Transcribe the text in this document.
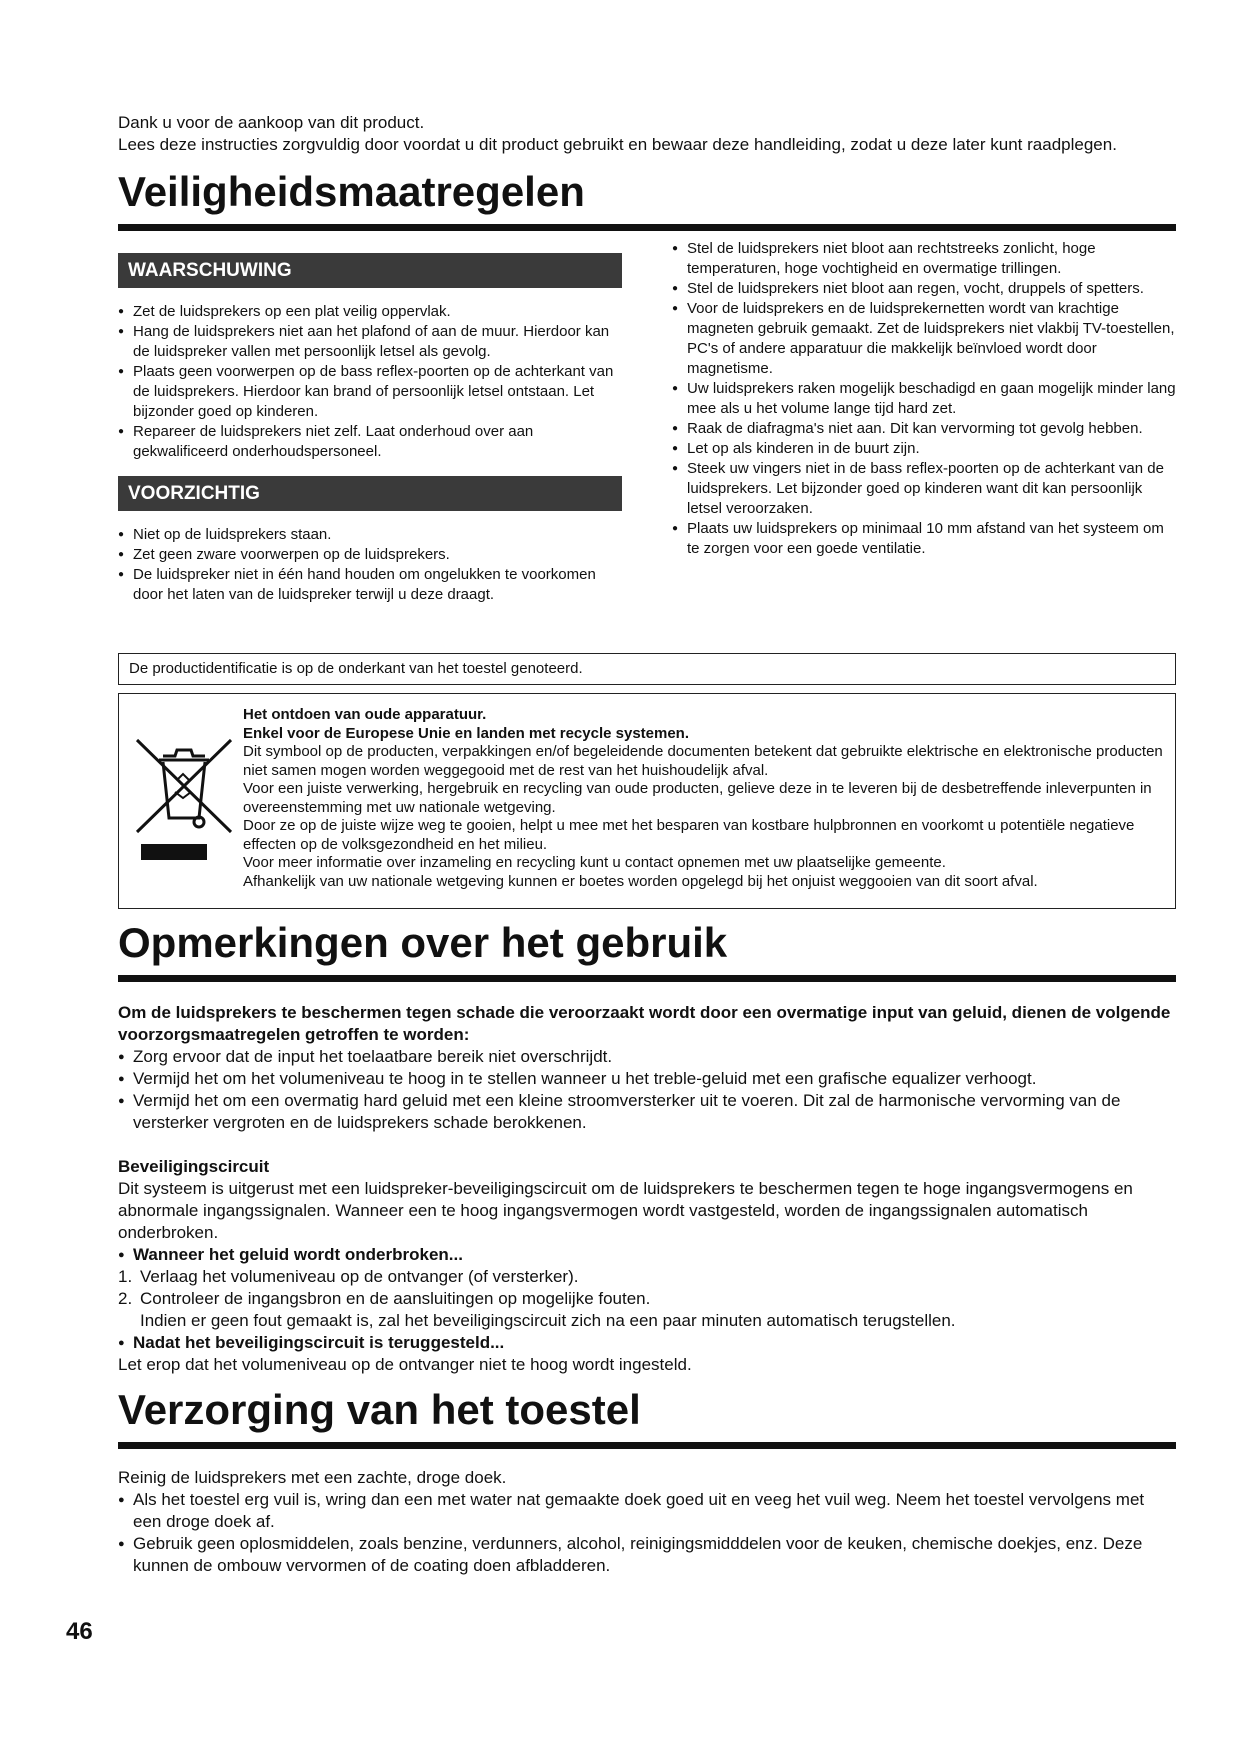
Dank u voor de aankoop van dit product.

Lees deze instructies zorgvuldig door voordat u dit product gebruikt en bewaar deze handleiding, zodat u deze later kunt raadplegen.

Veiligheidsmaatregelen
WAARSCHUWING
● Zet de luidsprekers op een plat veilig oppervlak.
● Hang de luidsprekers niet aan het plafond of aan de muur. Hierdoor kan de luidspreker vallen met persoonlijk letsel als gevolg.
● Plaats geen voorwerpen op de bass reflex-poorten op de achterkant van de luidsprekers. Hierdoor kan brand of persoonlijk letsel ontstaan. Let bijzonder goed op kinderen.
● Repareer de luidsprekers niet zelf. Laat onderhoud over aan gekwalificeerd onderhoudspersoneel.
VOORZICHTIG
● Niet op de luidsprekers staan.
● Zet geen zware voorwerpen op de luidsprekers.
● De luidspreker niet in één hand houden om ongelukken te voorkomen door het laten van de luidspreker terwijl u deze draagt.
● Stel de luidsprekers niet bloot aan rechtstreeks zonlicht, hoge temperaturen, hoge vochtigheid en overmatige trillingen.
● Stel de luidsprekers niet bloot aan regen, vocht, druppels of spetters.
● Voor de luidsprekers en de luidsprekernetten wordt van krachtige magneten gebruik gemaakt. Zet de luidsprekers niet vlakbij TV-toestellen, PC's of andere apparatuur die makkelijk beïnvloed wordt door magnetisme.
● Uw luidsprekers raken mogelijk beschadigd en gaan mogelijk minder lang mee als u het volume lange tijd hard zet.
● Raak de diafragma's niet aan. Dit kan vervorming tot gevolg hebben.
● Let op als kinderen in de buurt zijn.
● Steek uw vingers niet in de bass reflex-poorten op de achterkant van de luidsprekers. Let bijzonder goed op kinderen want dit kan persoonlijk letsel veroorzaken.
● Plaats uw luidsprekers op minimaal 10 mm afstand van het systeem om te zorgen voor een goede ventilatie.
De productidentificatie is op de onderkant van het toestel genoteerd.

Het ontdoen van oude apparatuur.

Enkel voor de Europese Unie en landen met recycle systemen.

Dit symbool op de producten, verpakkingen en/of begeleidende documenten betekent dat gebruikte elektrische en elektronische producten niet samen mogen worden weggegooid met de rest van het huishoudelijk afval.

Voor een juiste verwerking, hergebruik en recycling van oude producten, gelieve deze in te leveren bij de desbetreffende inleverpunten in overeenstemming met uw nationale wetgeving.

Door ze op de juiste wijze weg te gooien, helpt u mee met het besparen van kostbare hulpbronnen en voorkomt u potentiële negatieve effecten op de volksgezondheid en het milieu.

Voor meer informatie over inzameling en recycling kunt u contact opnemen met uw plaatselijke gemeente.

Afhankelijk van uw nationale wetgeving kunnen er boetes worden opgelegd bij het onjuist weggooien van dit soort afval.

Opmerkingen over het gebruik

Om de luidsprekers te beschermen tegen schade die veroorzaakt wordt door een overmatige input van geluid, dienen de volgende voorzorgsmaatregelen getroffen te worden:

● Zorg ervoor dat de input het toelaatbare bereik niet overschrijdt.
● Vermijd het om het volumeniveau te hoog in te stellen wanneer u het treble-geluid met een grafische equalizer verhoogt.
● Vermijd het om een overmatig hard geluid met een kleine stroomversterker uit te voeren. Dit zal de harmonische vervorming van de versterker vergroten en de luidsprekers schade berokkenen.

Beveiligingscircuit

Dit systeem is uitgerust met een luidspreker-beveiligingscircuit om de luidsprekers te beschermen tegen te hoge ingangsvermogens en abnormale ingangssignalen. Wanneer een te hoog ingangsvermogen wordt vastgesteld, worden de ingangssignalen automatisch onderbroken.

● Wanneer het geluid wordt onderbroken...

1. Verlaag het volumeniveau op de ontvanger (of versterker).
2. Controleer de ingangsbron en de aansluitingen op mogelijke fouten.

Indien er geen fout gemaakt is, zal het beveiligingscircuit zich na een paar minuten automatisch terugstellen.

● Nadat het beveiligingscircuit is teruggesteld...

Let erop dat het volumeniveau op de ontvanger niet te hoog wordt ingesteld.

Verzorging van het toestel

Reinig de luidsprekers met een zachte, droge doek.

● Als het toestel erg vuil is, wring dan een met water nat gemaakte doek goed uit en veeg het vuil weg. Neem het toestel vervolgens met een droge doek af.
● Gebruik geen oplosmiddelen, zoals benzine, verdunners, alcohol, reinigingsmidddelen voor de keuken, chemische doekjes, enz. Deze kunnen de ombouw vervormen of de coating doen afbladderen.
46
